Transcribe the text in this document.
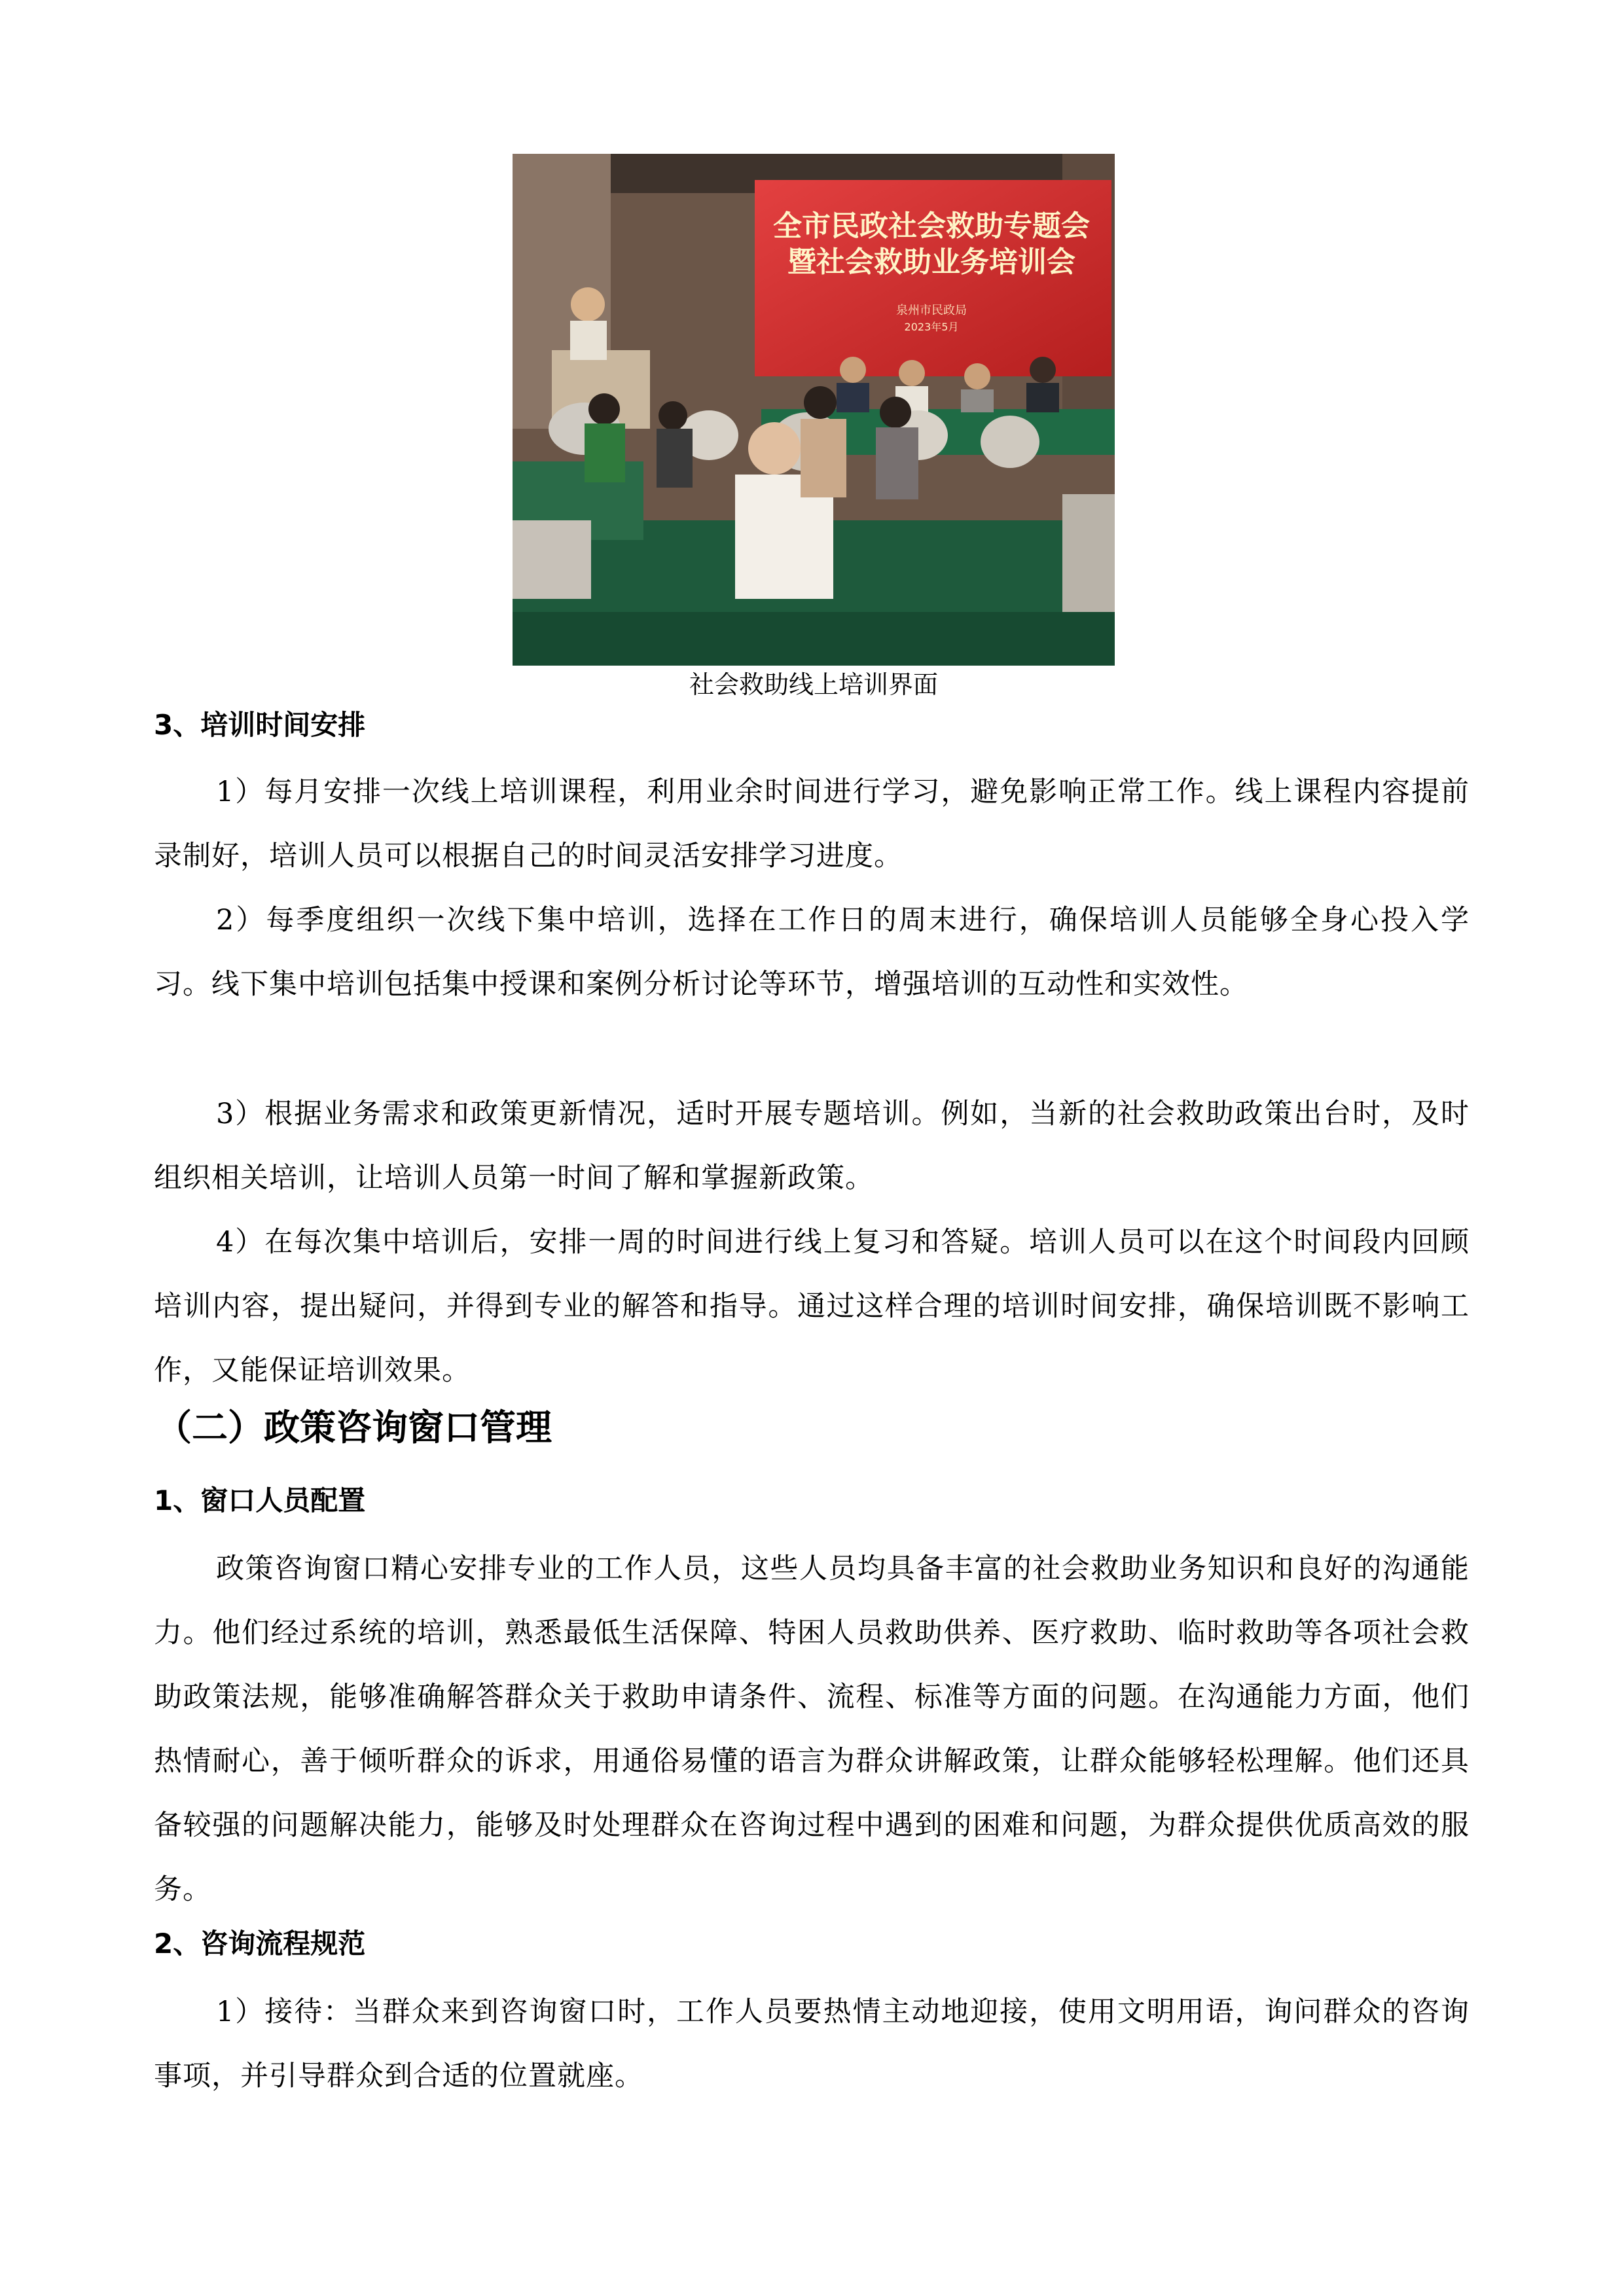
全市民政社会救助专题会
暨社会救助业务培训会
泉州市民政局
2023年5月
社会救助线上培训界面
3、培训时间安排
1）每月安排一次线上培训课程，利用业余时间进行学习，避免影响正常工作。线上课程内容提前录制好，培训人员可以根据自己的时间灵活安排学习进度。
2）每季度组织一次线下集中培训，选择在工作日的周末进行，确保培训人员能够全身心投入学习。线下集中培训包括集中授课和案例分析讨论等环节，增强培训的互动性和实效性。
3）根据业务需求和政策更新情况，适时开展专题培训。例如，当新的社会救助政策出台时，及时组织相关培训，让培训人员第一时间了解和掌握新政策。
4）在每次集中培训后，安排一周的时间进行线上复习和答疑。培训人员可以在这个时间段内回顾培训内容，提出疑问，并得到专业的解答和指导。通过这样合理的培训时间安排，确保培训既不影响工作，又能保证培训效果。
（二）政策咨询窗口管理
1、窗口人员配置
政策咨询窗口精心安排专业的工作人员，这些人员均具备丰富的社会救助业务知识和良好的沟通能力。他们经过系统的培训，熟悉最低生活保障、特困人员救助供养、医疗救助、临时救助等各项社会救助政策法规，能够准确解答群众关于救助申请条件、流程、标准等方面的问题。在沟通能力方面，他们热情耐心，善于倾听群众的诉求，用通俗易懂的语言为群众讲解政策，让群众能够轻松理解。他们还具备较强的问题解决能力，能够及时处理群众在咨询过程中遇到的困难和问题，为群众提供优质高效的服务。
2、咨询流程规范
1）接待：当群众来到咨询窗口时，工作人员要热情主动地迎接，使用文明用语，询问群众的咨询事项，并引导群众到合适的位置就座。
